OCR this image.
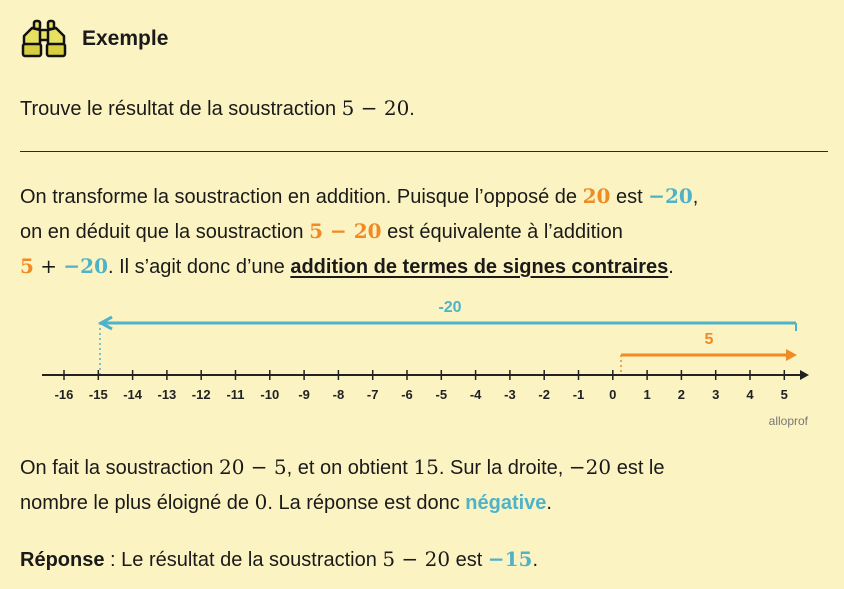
Exemple
Trouve le résultat de la soustraction 5 − 20.
On transforme la soustraction en addition. Puisque l’opposé de 20 est −20,
on en déduit que la soustraction 5 − 20 est équivalente à l’addition
5 + −20. Il s’agit donc d’une addition de termes de signes contraires.
-20
5
-16 -15 -14 -13 -12 -11 -10 -9 -8 -7 -6 -5 -4 -3 -2 -1 0 1 2 3 4 5
alloprof
On fait la soustraction 20 − 5, et on obtient 15. Sur la droite, −20 est le
nombre le plus éloigné de 0. La réponse est donc négative.
Réponse : Le résultat de la soustraction 5 − 20 est −15.
